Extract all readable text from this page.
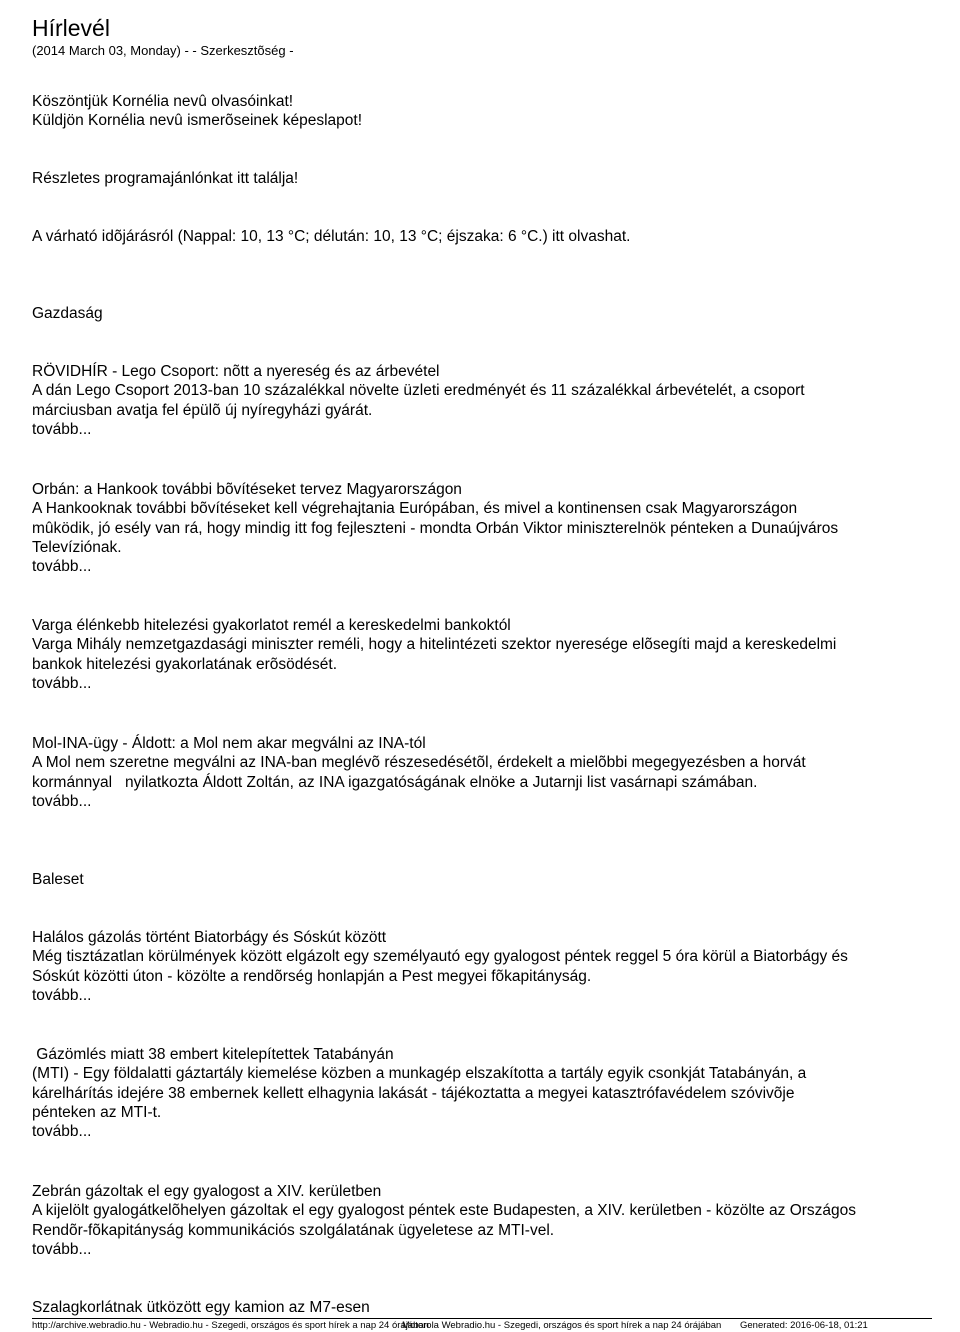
Hírlevél
(2014 March 03, Monday) - - Szerkesztõség -
Köszöntjük Kornélia nevû olvasóinkat!
Küldjön Kornélia nevû ismerõseinek képeslapot!
Részletes programajánlónkat itt találja!
A várható idõjárásról (Nappal: 10, 13 °C; délután: 10, 13 °C; éjszaka: 6 °C.) itt olvashat.
Gazdaság
RÖVIDHÍR - Lego Csoport: nõtt a nyereség és az árbevétel
A dán Lego Csoport 2013-ban 10 százalékkal növelte üzleti eredményét és 11 százalékkal árbevételét, a csoport
márciusban avatja fel épülõ új nyíregyházi gyárát.
tovább...
Orbán: a Hankook további bõvítéseket tervez Magyarországon
A Hankooknak további bõvítéseket kell végrehajtania Európában, és mivel a kontinensen csak Magyarországon
mûködik, jó esély van rá, hogy mindig itt fog fejleszteni - mondta Orbán Viktor miniszterelnök pénteken a Dunaújváros
Televíziónak.
tovább...
Varga élénkebb hitelezési gyakorlatot remél a kereskedelmi bankoktól
Varga Mihály nemzetgazdasági miniszter reméli, hogy a hitelintézeti szektor nyeresége elõsegíti majd a kereskedelmi
bankok hitelezési gyakorlatának erõsödését.
tovább...
Mol-INA-ügy - Áldott: a Mol nem akar megválni az INA-tól
A Mol nem szeretne megválni az INA-ban meglévõ részesedésétõl, érdekelt a mielõbbi megegyezésben a horvát
kormánnyal   nyilatkozta Áldott Zoltán, az INA igazgatóságának elnöke a Jutarnji list vasárnapi számában.
tovább...
Baleset
Halálos gázolás történt Biatorbágy és Sóskút között
Még tisztázatlan körülmények között elgázolt egy személyautó egy gyalogost péntek reggel 5 óra körül a Biatorbágy és
Sóskút közötti úton - közölte a rendõrség honlapján a Pest megyei fõkapitányság.
tovább...
Gázömlés miatt 38 embert kitelepítettek Tatabányán
(MTI) - Egy földalatti gáztartály kiemelése közben a munkagép elszakította a tartály egyik csonkját Tatabányán, a
kárelhárítás idejére 38 embernek kellett elhagynia lakását - tájékoztatta a megyei katasztrófavédelem szóvivõje
pénteken az MTI-t.
tovább...
Zebrán gázoltak el egy gyalogost a XIV. kerületben
A kijelölt gyalogátkelõhelyen gázoltak el egy gyalogost péntek este Budapesten, a XIV. kerületben - közölte az Országos
Rendõr-fõkapitányság kommunikációs szolgálatának ügyeletese az MTI-vel.
tovább...
Szalagkorlátnak ütközött egy kamion az M7-esen
http://archive.webradio.hu - Webradio.hu - Szegedi, országos és sport hírek a nap 24 órájában
Motorola Webradio.hu - Szegedi, országos és sport hírek a nap 24 órájában Generated: 2016-06-18, 01:21
